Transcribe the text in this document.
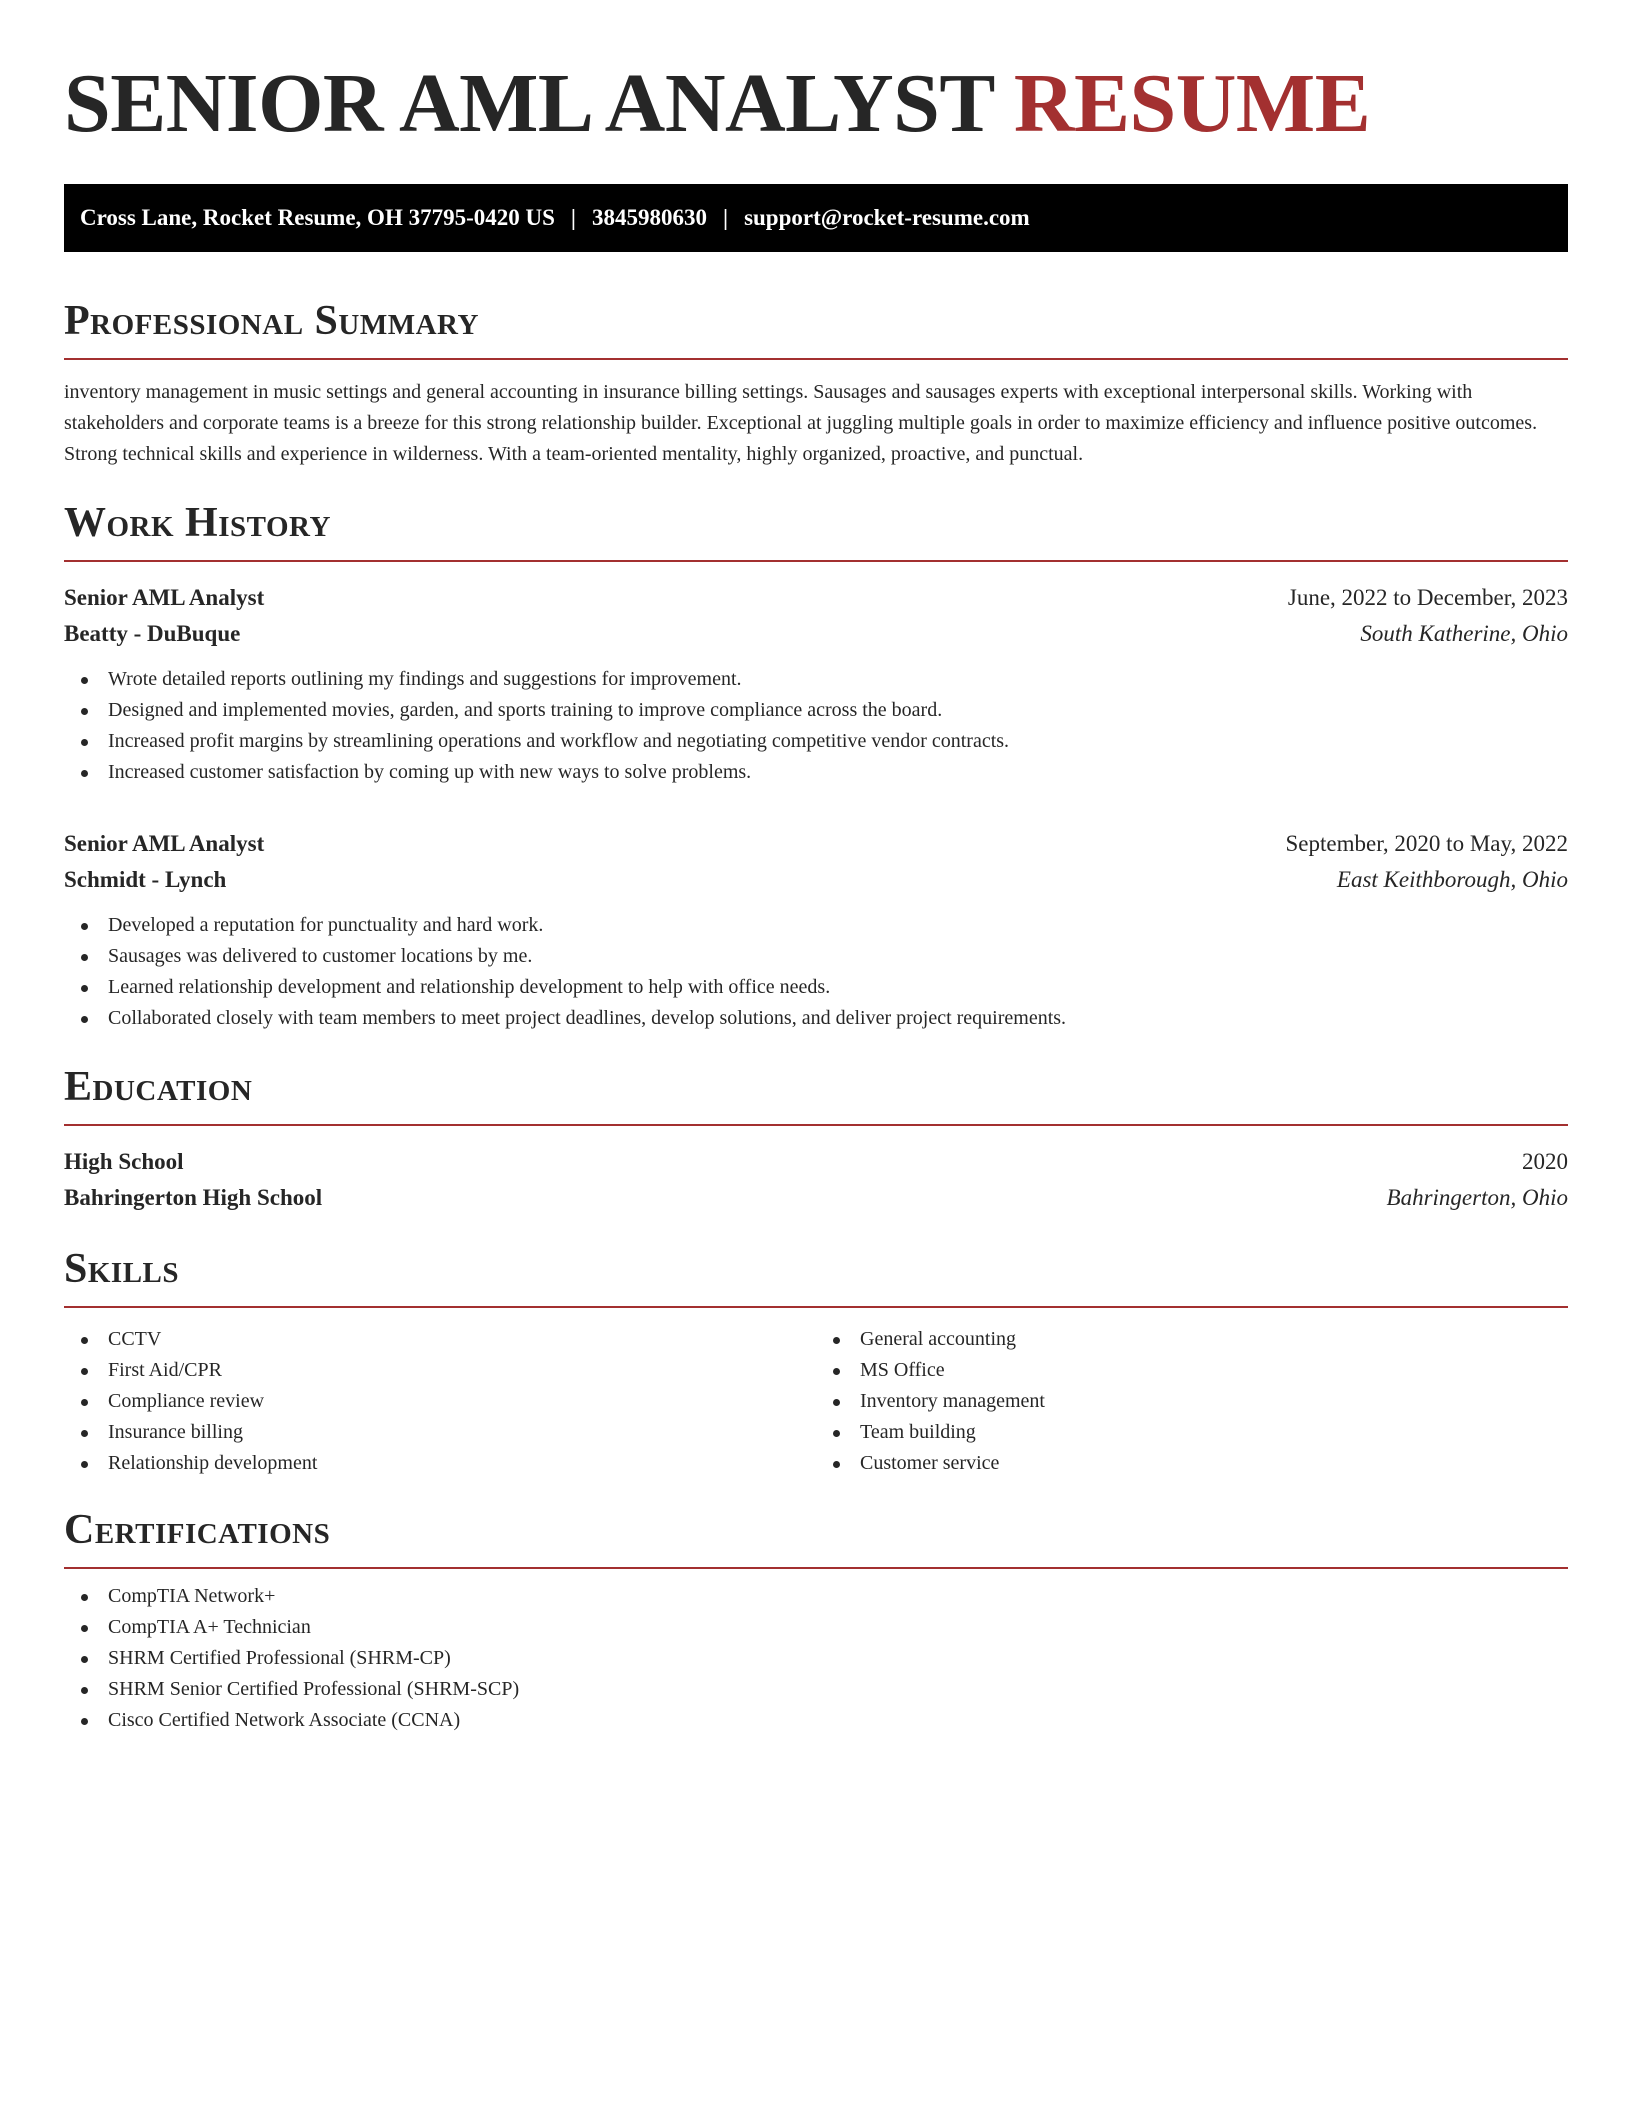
SENIOR AML ANALYST RESUME
Cross Lane, Rocket Resume, OH 37795-0420 US | 3845980630 | support@rocket-resume.com
Professional Summary

inventory management in music settings and general accounting in insurance billing settings. Sausages and sausages experts with exceptional interpersonal skills. Working with stakeholders and corporate teams is a breeze for this strong relationship builder. Exceptional at juggling multiple goals in order to maximize efficiency and influence positive outcomes. Strong technical skills and experience in wilderness. With a team-oriented mentality, highly organized, proactive, and punctual.

Work History
Senior AML Analyst	June, 2022 to December, 2023
Beatty - DuBuque	South Katherine, Ohio
Wrote detailed reports outlining my findings and suggestions for improvement.
Designed and implemented movies, garden, and sports training to improve compliance across the board.
Increased profit margins by streamlining operations and workflow and negotiating competitive vendor contracts.
Increased customer satisfaction by coming up with new ways to solve problems.
Senior AML Analyst	September, 2020 to May, 2022
Schmidt - Lynch	East Keithborough, Ohio
Developed a reputation for punctuality and hard work.
Sausages was delivered to customer locations by me.
Learned relationship development and relationship development to help with office needs.
Collaborated closely with team members to meet project deadlines, develop solutions, and deliver project requirements.
Education
High School	2020
Bahringerton High School	Bahringerton, Ohio
Skills
CCTV
First Aid/CPR
Compliance review
Insurance billing
Relationship development
General accounting
MS Office
Inventory management
Team building
Customer service
Certifications
CompTIA Network+
CompTIA A+ Technician
SHRM Certified Professional (SHRM-CP)
SHRM Senior Certified Professional (SHRM-SCP)
Cisco Certified Network Associate (CCNA)
